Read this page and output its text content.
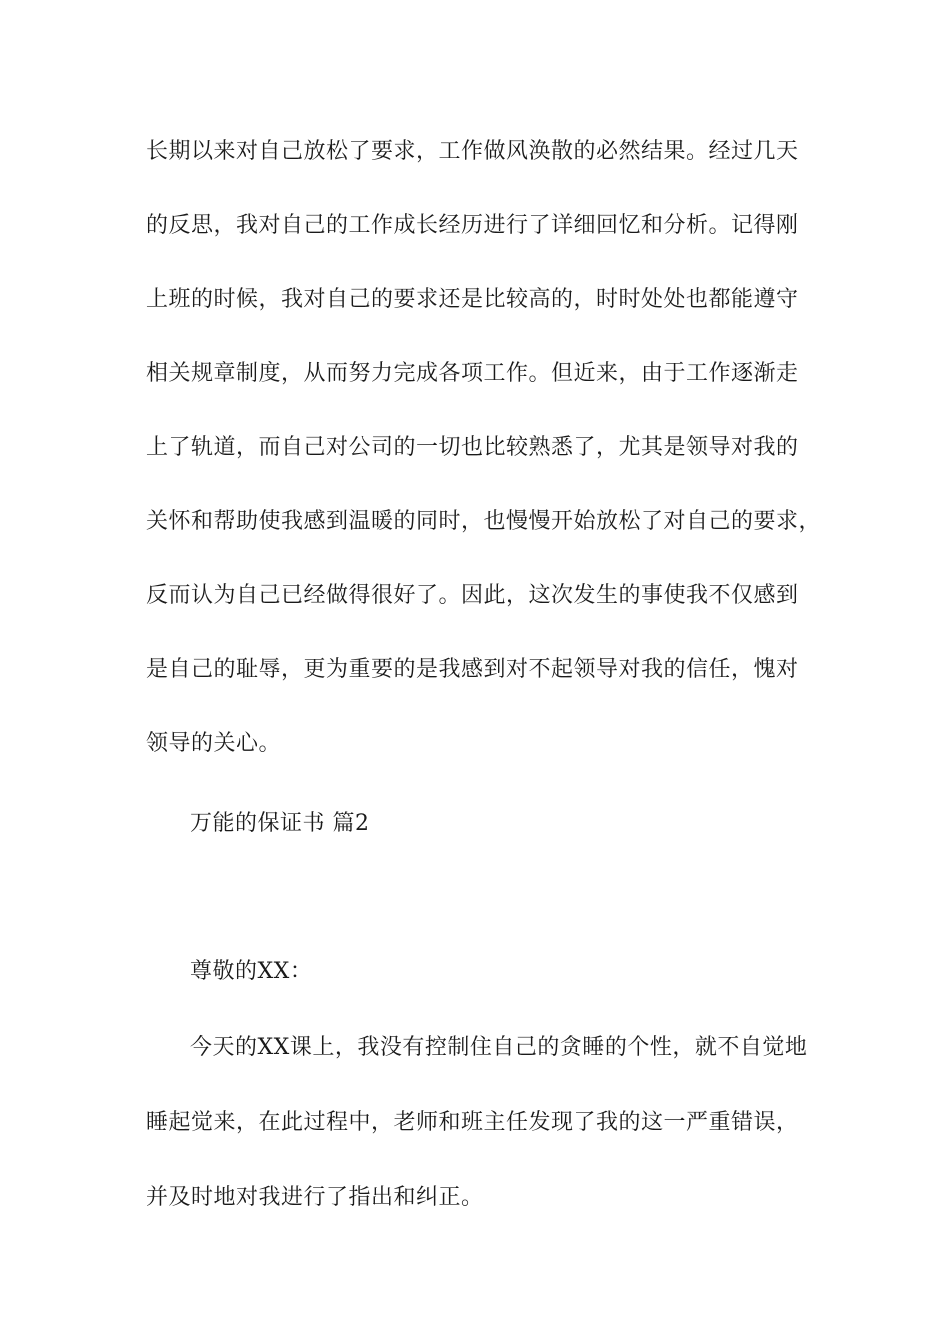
长期以来对自己放松了要求，工作做风涣散的必然结果。经过几天
的反思，我对自己的工作成长经历进行了详细回忆和分析。记得刚
上班的时候，我对自己的要求还是比较高的，时时处处也都能遵守
相关规章制度，从而努力完成各项工作。但近来，由于工作逐渐走
上了轨道，而自己对公司的一切也比较熟悉了，尤其是领导对我的
关怀和帮助使我感到温暖的同时，也慢慢开始放松了对自己的要求，
反而认为自己已经做得很好了。因此，这次发生的事使我不仅感到
是自己的耻辱，更为重要的是我感到对不起领导对我的信任，愧对
领导的关心。
万能的保证书 篇2
尊敬的XX：
今天的XX课上，我没有控制住自己的贪睡的个性，就不自觉地
睡起觉来，在此过程中，老师和班主任发现了我的这一严重错误，
并及时地对我进行了指出和纠正。
